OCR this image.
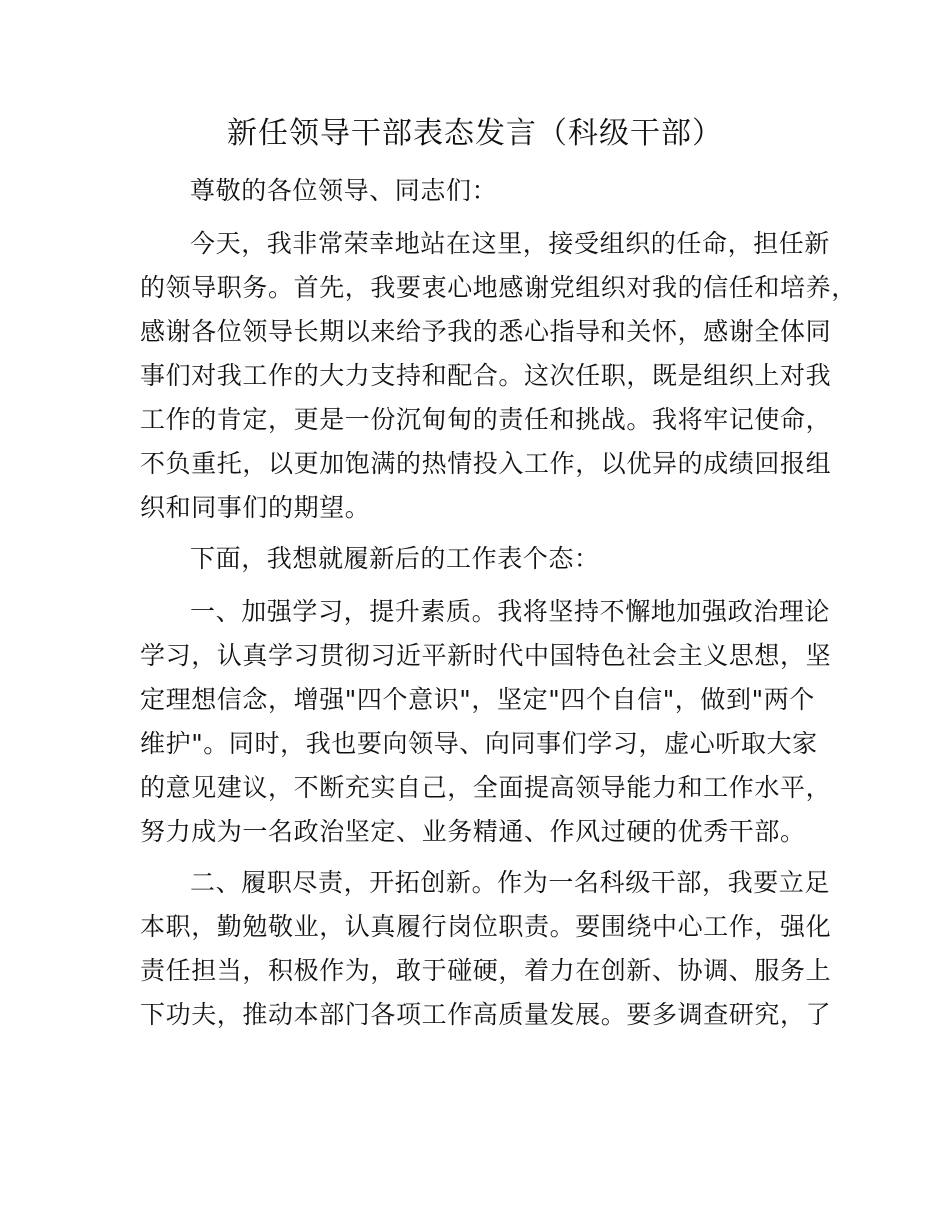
新任领导干部表态发言（科级干部）
尊敬的各位领导、同志们：
今天，我非常荣幸地站在这里，接受组织的任命，担任新
的领导职务。首先，我要衷心地感谢党组织对我的信任和培养，
感谢各位领导长期以来给予我的悉心指导和关怀，感谢全体同
事们对我工作的大力支持和配合。这次任职，既是组织上对我
工作的肯定，更是一份沉甸甸的责任和挑战。我将牢记使命，
不负重托，以更加饱满的热情投入工作，以优异的成绩回报组
织和同事们的期望。
下面，我想就履新后的工作表个态：
一、加强学习，提升素质。我将坚持不懈地加强政治理论
学习，认真学习贯彻习近平新时代中国特色社会主义思想，坚
定理想信念，增强"四个意识"，坚定"四个自信"，做到"两个
维护"。同时，我也要向领导、向同事们学习，虚心听取大家
的意见建议，不断充实自己，全面提高领导能力和工作水平，
努力成为一名政治坚定、业务精通、作风过硬的优秀干部。
二、履职尽责，开拓创新。作为一名科级干部，我要立足
本职，勤勉敬业，认真履行岗位职责。要围绕中心工作，强化
责任担当，积极作为，敢于碰硬，着力在创新、协调、服务上
下功夫，推动本部门各项工作高质量发展。要多调查研究，了
